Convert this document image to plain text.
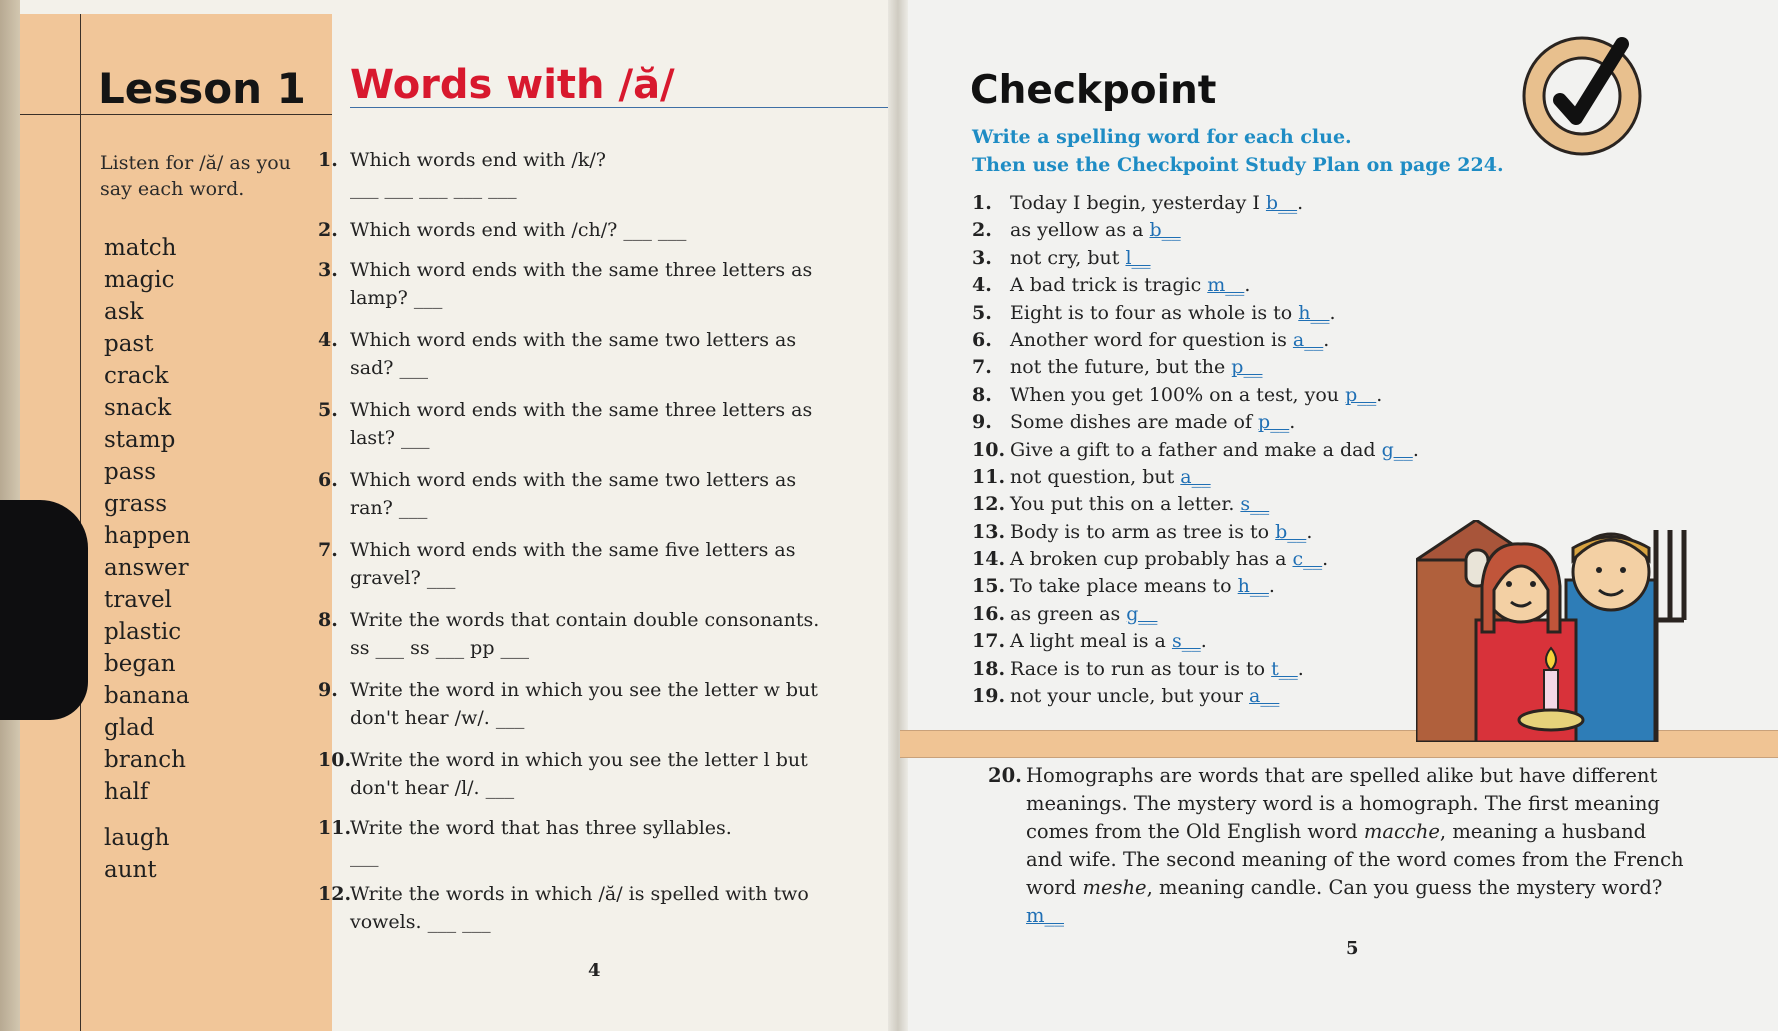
Lesson 1 Words with /ă/
Listen for /ă/ as you say each word.
match
magic
ask
past
crack
snack
stamp
pass
grass
happen
answer
travel
plastic
began
banana
glad
branch
half
laugh
aunt
1. Which words end with /k/?
___ ___ ___ ___ ___
2. Which words end with /ch/? ___ ___
3. Which word ends with the same three letters as lamp? ___
4. Which word ends with the same two letters as sad? ___
5. Which word ends with the same three letters as last? ___
6. Which word ends with the same two letters as ran? ___
7. Which word ends with the same five letters as gravel? ___
8. Write the words that contain double consonants. ss ___ ss ___ pp ___
9. Write the word in which you see the letter w but don't hear /w/. ___
10.
Write the word in which you see the letter l but don't hear /l/. ___
11.
Write the word that has three syllables.
___
12.
Write the words in which /ă/ is spelled with two vowels. ___ ___
4
Checkpoint
Write a spelling word for each clue.
Then use the Checkpoint Study Plan on page 224.
1. Today I begin, yesterday I b__.
2. as yellow as a b__
3. not cry, but l__
4. A bad trick is tragic m__.
5. Eight is to four as whole is to h__.
6. Another word for question is a__.
7. not the future, but the p__
8. When you get 100% on a test, you p__.
9. Some dishes are made of p__.
10. Give a gift to a father and make a dad g__.
11. not question, but a__
12. You put this on a letter. s__
13. Body is to arm as tree is to b__.
14. A broken cup probably has a c__.
15. To take place means to h__.
16. as green as g__
17. A light meal is a s__.
18. Race is to run as tour is to t__.
19. not your uncle, but your a__
20. Homographs are words that are spelled alike but have different meanings. The mystery word is a homograph. The first meaning comes from the Old English word macche, meaning a husband and wife. The second meaning of the word comes from the French word meshe, meaning candle. Can you guess the mystery word? m__
5
